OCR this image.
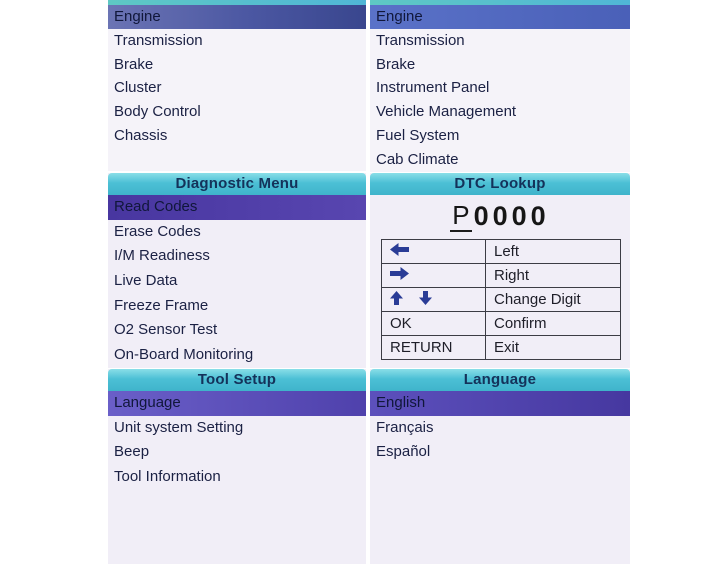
Engine
Transmission
Brake
Cluster
Body Control
Chassis
Engine
Transmission
Brake
Instrument Panel
Vehicle Management
Fuel System
Cab Climate
Diagnostic Menu
Read Codes
Erase Codes
I/M Readiness
Live Data
Freeze Frame
O2 Sensor Test
On-Board Monitoring
DTC Lookup
P 0000
	Left
	Right
	Change Digit
OK	Confirm
RETURN	Exit
Tool Setup
Language
Unit system Setting
Beep
Tool Information
Language
English
Français
Español
